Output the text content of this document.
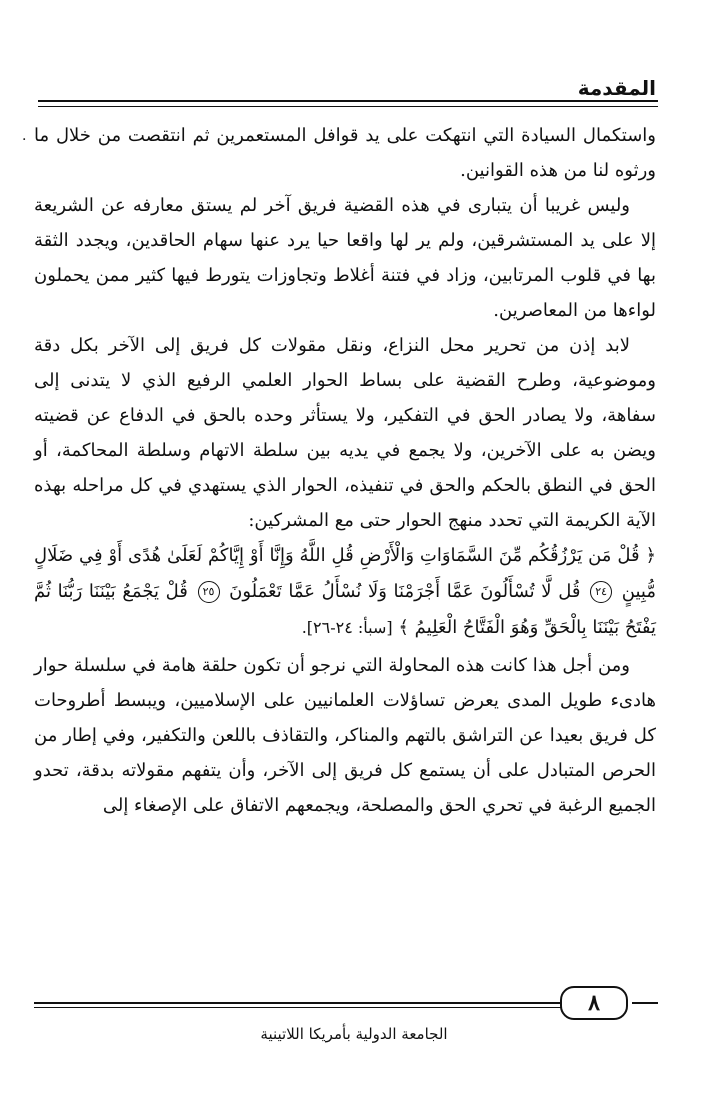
المقدمة
· واستكمال السيادة التي انتهكت على يد قوافل المستعمرين ثم انتقصت من خلال ما ورثوه لنا من هذه القوانين.

وليس غريبا أن يتبارى في هذه القضية فريق آخر لم يستق معارفه عن الشريعة إلا على يد المستشرقين، ولم ير لها واقعا حيا يرد عنها سهام الحاقدين، ويجدد الثقة بها في قلوب المرتابين، وزاد في فتنة أغلاط وتجاوزات يتورط فيها كثير ممن يحملون لواءها من المعاصرين.

لابد إذن من تحرير محل النزاع، ونقل مقولات كل فريق إلى الآخر بكل دقة وموضوعية، وطرح القضية على بساط الحوار العلمي الرفيع الذي لا يتدنى إلى سفاهة، ولا يصادر الحق في التفكير، ولا يستأثر وحده بالحق في الدفاع عن قضيته ويضن به على الآخرين، ولا يجمع في يديه بين سلطة الاتهام وسلطة المحاكمة، أو الحق في النطق بالحكم والحق في تنفيذه، الحوار الذي يستهدي في كل مراحله بهذه الآية الكريمة التي تحدد منهج الحوار حتى مع المشركين:

﴿ قُلْ مَن يَرْزُقُكُم مِّنَ السَّمَاوَاتِ وَالْأَرْضِ قُلِ اللَّهُ وَإِنَّا أَوْ إِيَّاكُمْ لَعَلَىٰ هُدًى أَوْ فِي ضَلَالٍ مُّبِينٍ ٢٤ قُل لَّا تُسْأَلُونَ عَمَّا أَجْرَمْنَا وَلَا نُسْأَلُ عَمَّا تَعْمَلُونَ ٢٥ قُلْ يَجْمَعُ بَيْنَنَا رَبُّنَا ثُمَّ يَفْتَحُ بَيْنَنَا بِالْحَقِّ وَهُوَ الْفَتَّاحُ الْعَلِيمُ ﴾ [سبأ: ٢٤-٢٦].

ومن أجل هذا كانت هذه المحاولة التي نرجو أن تكون حلقة هامة في سلسلة حوار هادىء طويل المدى يعرض تساؤلات العلمانيين على الإسلاميين، ويبسط أطروحات كل فريق بعيدا عن التراشق بالتهم والمناكر، والتقاذف باللعن والتكفير، وفي إطار من الحرص المتبادل على أن يستمع كل فريق إلى الآخر، وأن يتفهم مقولاته بدقة، تحدو الجميع الرغبة في تحري الحق والمصلحة، ويجمعهم الاتفاق على الإصغاء إلى

٨

الجامعة الدولية بأمريكا اللاتينية
